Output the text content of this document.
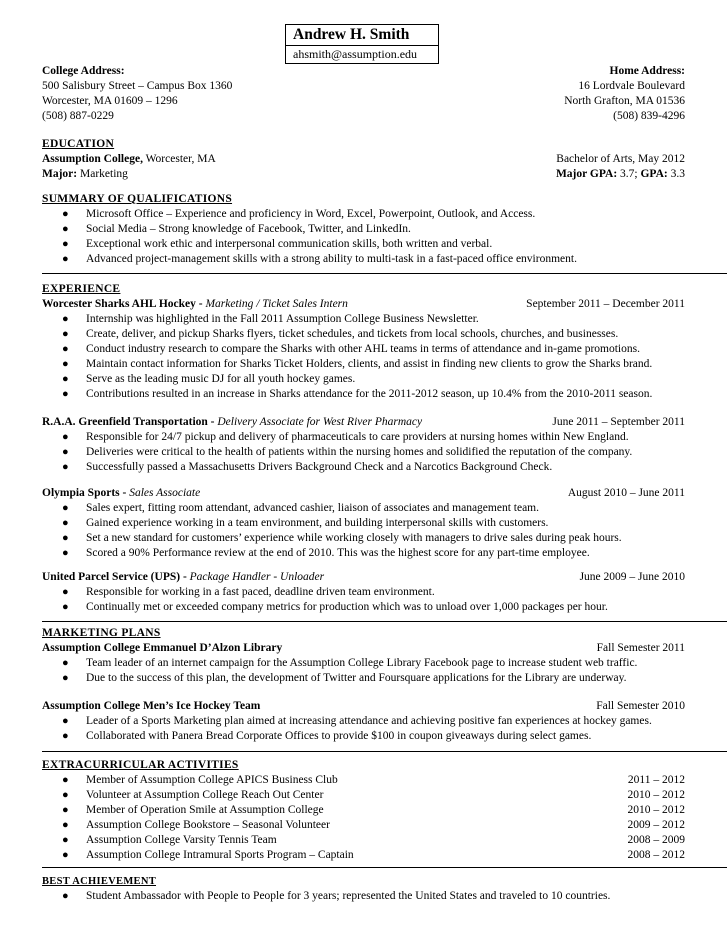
Andrew H. Smith
ahsmith@assumption.edu
College Address:	Home Address:
500 Salisbury Street – Campus Box 1360	16 Lordvale Boulevard
Worcester, MA 01609 – 1296	North Grafton, MA 01536
(508) 887-0229	(508) 839-4296
EDUCATION
Assumption College, Worcester, MA	Bachelor of Arts, May 2012
Major: Marketing	Major GPA: 3.7; GPA: 3.3
SUMMARY OF QUALIFICATIONS
● Microsoft Office – Experience and proficiency in Word, Excel, Powerpoint, Outlook, and Access.
● Social Media – Strong knowledge of Facebook, Twitter, and LinkedIn.
● Exceptional work ethic and interpersonal communication skills, both written and verbal.
● Advanced project-management skills with a strong ability to multi-task in a fast-paced office environment.
EXPERIENCE
Worcester Sharks AHL Hockey - Marketing / Ticket Sales Intern	September 2011 – December 2011
● Internship was highlighted in the Fall 2011 Assumption College Business Newsletter.
● Create, deliver, and pickup Sharks flyers, ticket schedules, and tickets from local schools, churches, and businesses.
● Conduct industry research to compare the Sharks with other AHL teams in terms of attendance and in-game promotions.
● Maintain contact information for Sharks Ticket Holders, clients, and assist in finding new clients to grow the Sharks brand.
● Serve as the leading music DJ for all youth hockey games.
● Contributions resulted in an increase in Sharks attendance for the 2011-2012 season, up 10.4% from the 2010-2011 season.
R.A.A. Greenfield Transportation - Delivery Associate for West River Pharmacy	June 2011 – September 2011
● Responsible for 24/7 pickup and delivery of pharmaceuticals to care providers at nursing homes within New England.
● Deliveries were critical to the health of patients within the nursing homes and solidified the reputation of the company.
● Successfully passed a Massachusetts Drivers Background Check and a Narcotics Background Check.
Olympia Sports - Sales Associate	August 2010 – June 2011
● Sales expert, fitting room attendant, advanced cashier, liaison of associates and management team.
● Gained experience working in a team environment, and building interpersonal skills with customers.
● Set a new standard for customers’ experience while working closely with managers to drive sales during peak hours.
● Scored a 90% Performance review at the end of 2010. This was the highest score for any part-time employee.
United Parcel Service (UPS) - Package Handler - Unloader	June 2009 – June 2010
● Responsible for working in a fast paced, deadline driven team environment.
● Continually met or exceeded company metrics for production which was to unload over 1,000 packages per hour.
MARKETING PLANS
Assumption College Emmanuel D’Alzon Library	Fall Semester 2011
● Team leader of an internet campaign for the Assumption College Library Facebook page to increase student web traffic.
● Due to the success of this plan, the development of Twitter and Foursquare applications for the Library are underway.
Assumption College Men’s Ice Hockey Team	Fall Semester 2010
● Leader of a Sports Marketing plan aimed at increasing attendance and achieving positive fan experiences at hockey games.
● Collaborated with Panera Bread Corporate Offices to provide $100 in coupon giveaways during select games.
EXTRACURRICULAR ACTIVITIES
● Member of Assumption College APICS Business Club	2011 – 2012
● Volunteer at Assumption College Reach Out Center	2010 – 2012
● Member of Operation Smile at Assumption College	2010 – 2012
● Assumption College Bookstore – Seasonal Volunteer	2009 – 2012
● Assumption College Varsity Tennis Team	2008 – 2009
● Assumption College Intramural Sports Program – Captain	2008 – 2012
BEST ACHIEVEMENT
● Student Ambassador with People to People for 3 years; represented the United States and traveled to 10 countries.
